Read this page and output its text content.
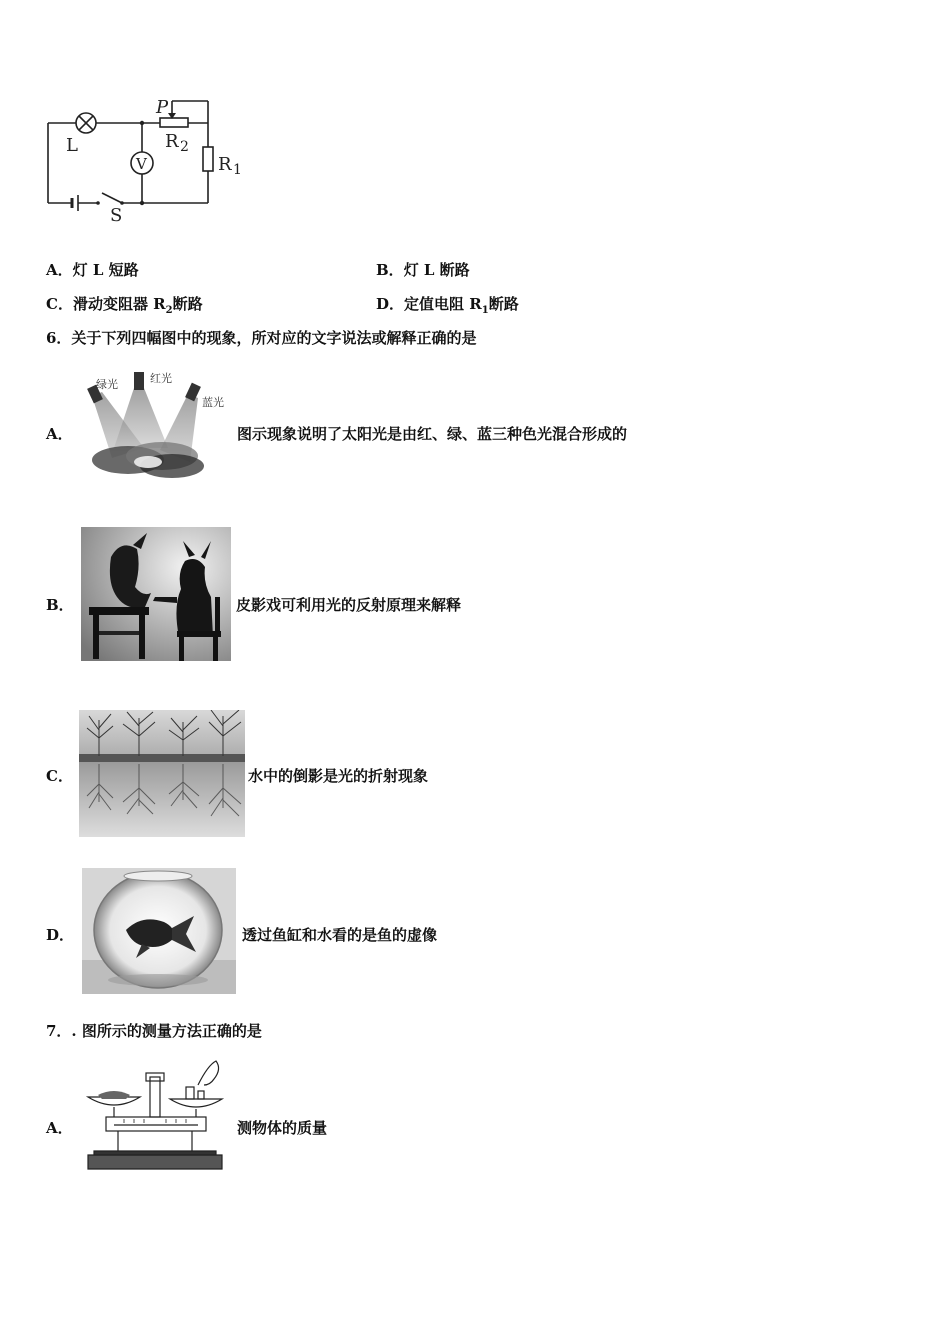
L
P
R 2
R 1
V
S
A．灯 L 短路	B．灯 L 断路
C．滑动变阻器 $R_2$断路	D．定值电阻 $R_1$断路
6．关于下列四幅图中的现象，所对应的文字说法或解释正确的是
A．
绿光	红光
蓝光
图示现象说明了太阳光是由红、绿、蓝三种色光混合形成的
B．	皮影戏可利用光的反射原理来解释
C．	水中的倒影是光的折射现象
D．	透过鱼缸和水看的是鱼的虚像
7．. 图所示的测量方法正确的是
A．	测物体的质量
